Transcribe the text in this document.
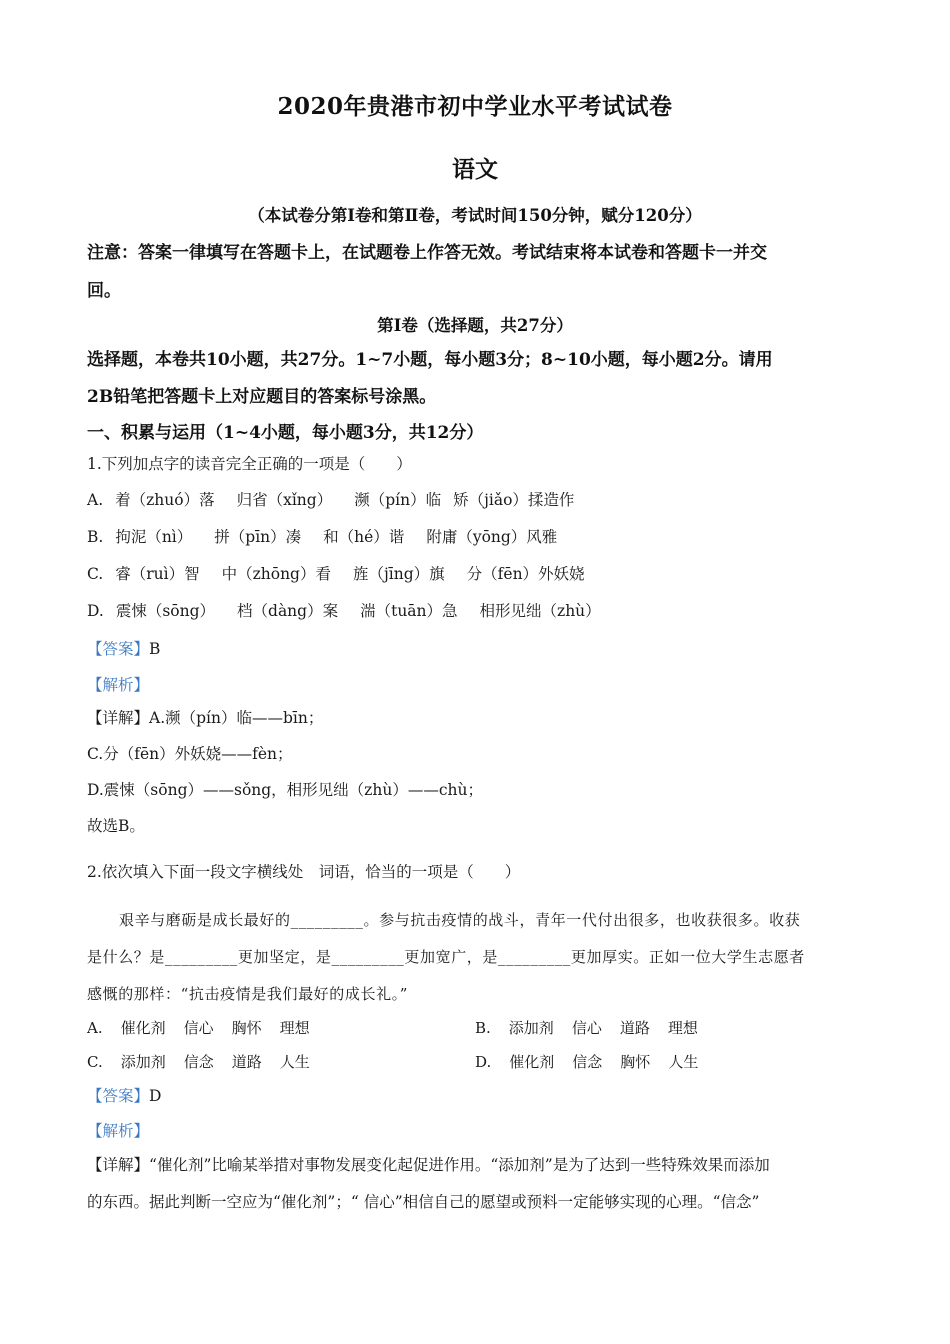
2020年贵港市初中学业水平考试试卷
语文
（本试卷分第Ⅰ卷和第Ⅱ卷，考试时间150分钟，赋分120分）
注意：答案一律填写在答题卡上，在试题卷上作答无效。考试结束将本试卷和答题卡一并交
回。
第Ⅰ卷（选择题，共27分）
选择题，本卷共10小题，共27分。1~7小题，每小题3分；8~10小题，每小题2分。请用
2B铅笔把答题卡上对应题目的答案标号涂黑。
一、积累与运用（1~4小题，每小题3分，共12分）
1.下列加点字的读音完全正确的一项是（　　）
A. 着（zhuó）落 归省（xǐng） 濒（pín）临 矫（jiǎo）揉造作
B. 拘泥（nì） 拼（pīn）凑 和（hé）谐 附庸（yōng）风雅
C. 睿（ruì）智 中（zhōng）看 旌（jīng）旗 分（fēn）外妖娆
D. 震悚（sōng） 档（dàng）案 湍（tuān）急 相形见绌（zhù）
【答案】B
【解析】
【详解】A.濒（pín）临——bīn；
C.分（fēn）外妖娆——fèn；
D.震悚（sōng）——sǒng，相形见绌（zhù）——chù；
故选B。
2.依次填入下面一段文字横线处　词语，恰当的一项是（　　）
艰辛与磨砺是成长最好的_________。参与抗击疫情的战斗，青年一代付出很多，也收获很多。收获
是什么？是_________更加坚定，是_________更加宽广，是_________更加厚实。正如一位大学生志愿者
感慨的那样：“抗击疫情是我们最好的成长礼。”
A. 催化剂 信心 胸怀 理想	B. 添加剂 信心 道路 理想
C. 添加剂 信念 道路 人生	D. 催化剂 信念 胸怀 人生
【答案】D
【解析】
【详解】“催化剂”比喻某举措对事物发展变化起促进作用。“添加剂”是为了达到一些特殊效果而添加
的东西。据此判断一空应为“催化剂”；“ 信心”相信自己的愿望或预料一定能够实现的心理。“信念”
